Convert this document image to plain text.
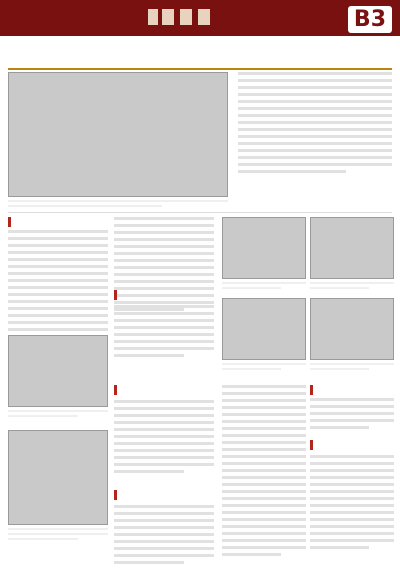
B3
